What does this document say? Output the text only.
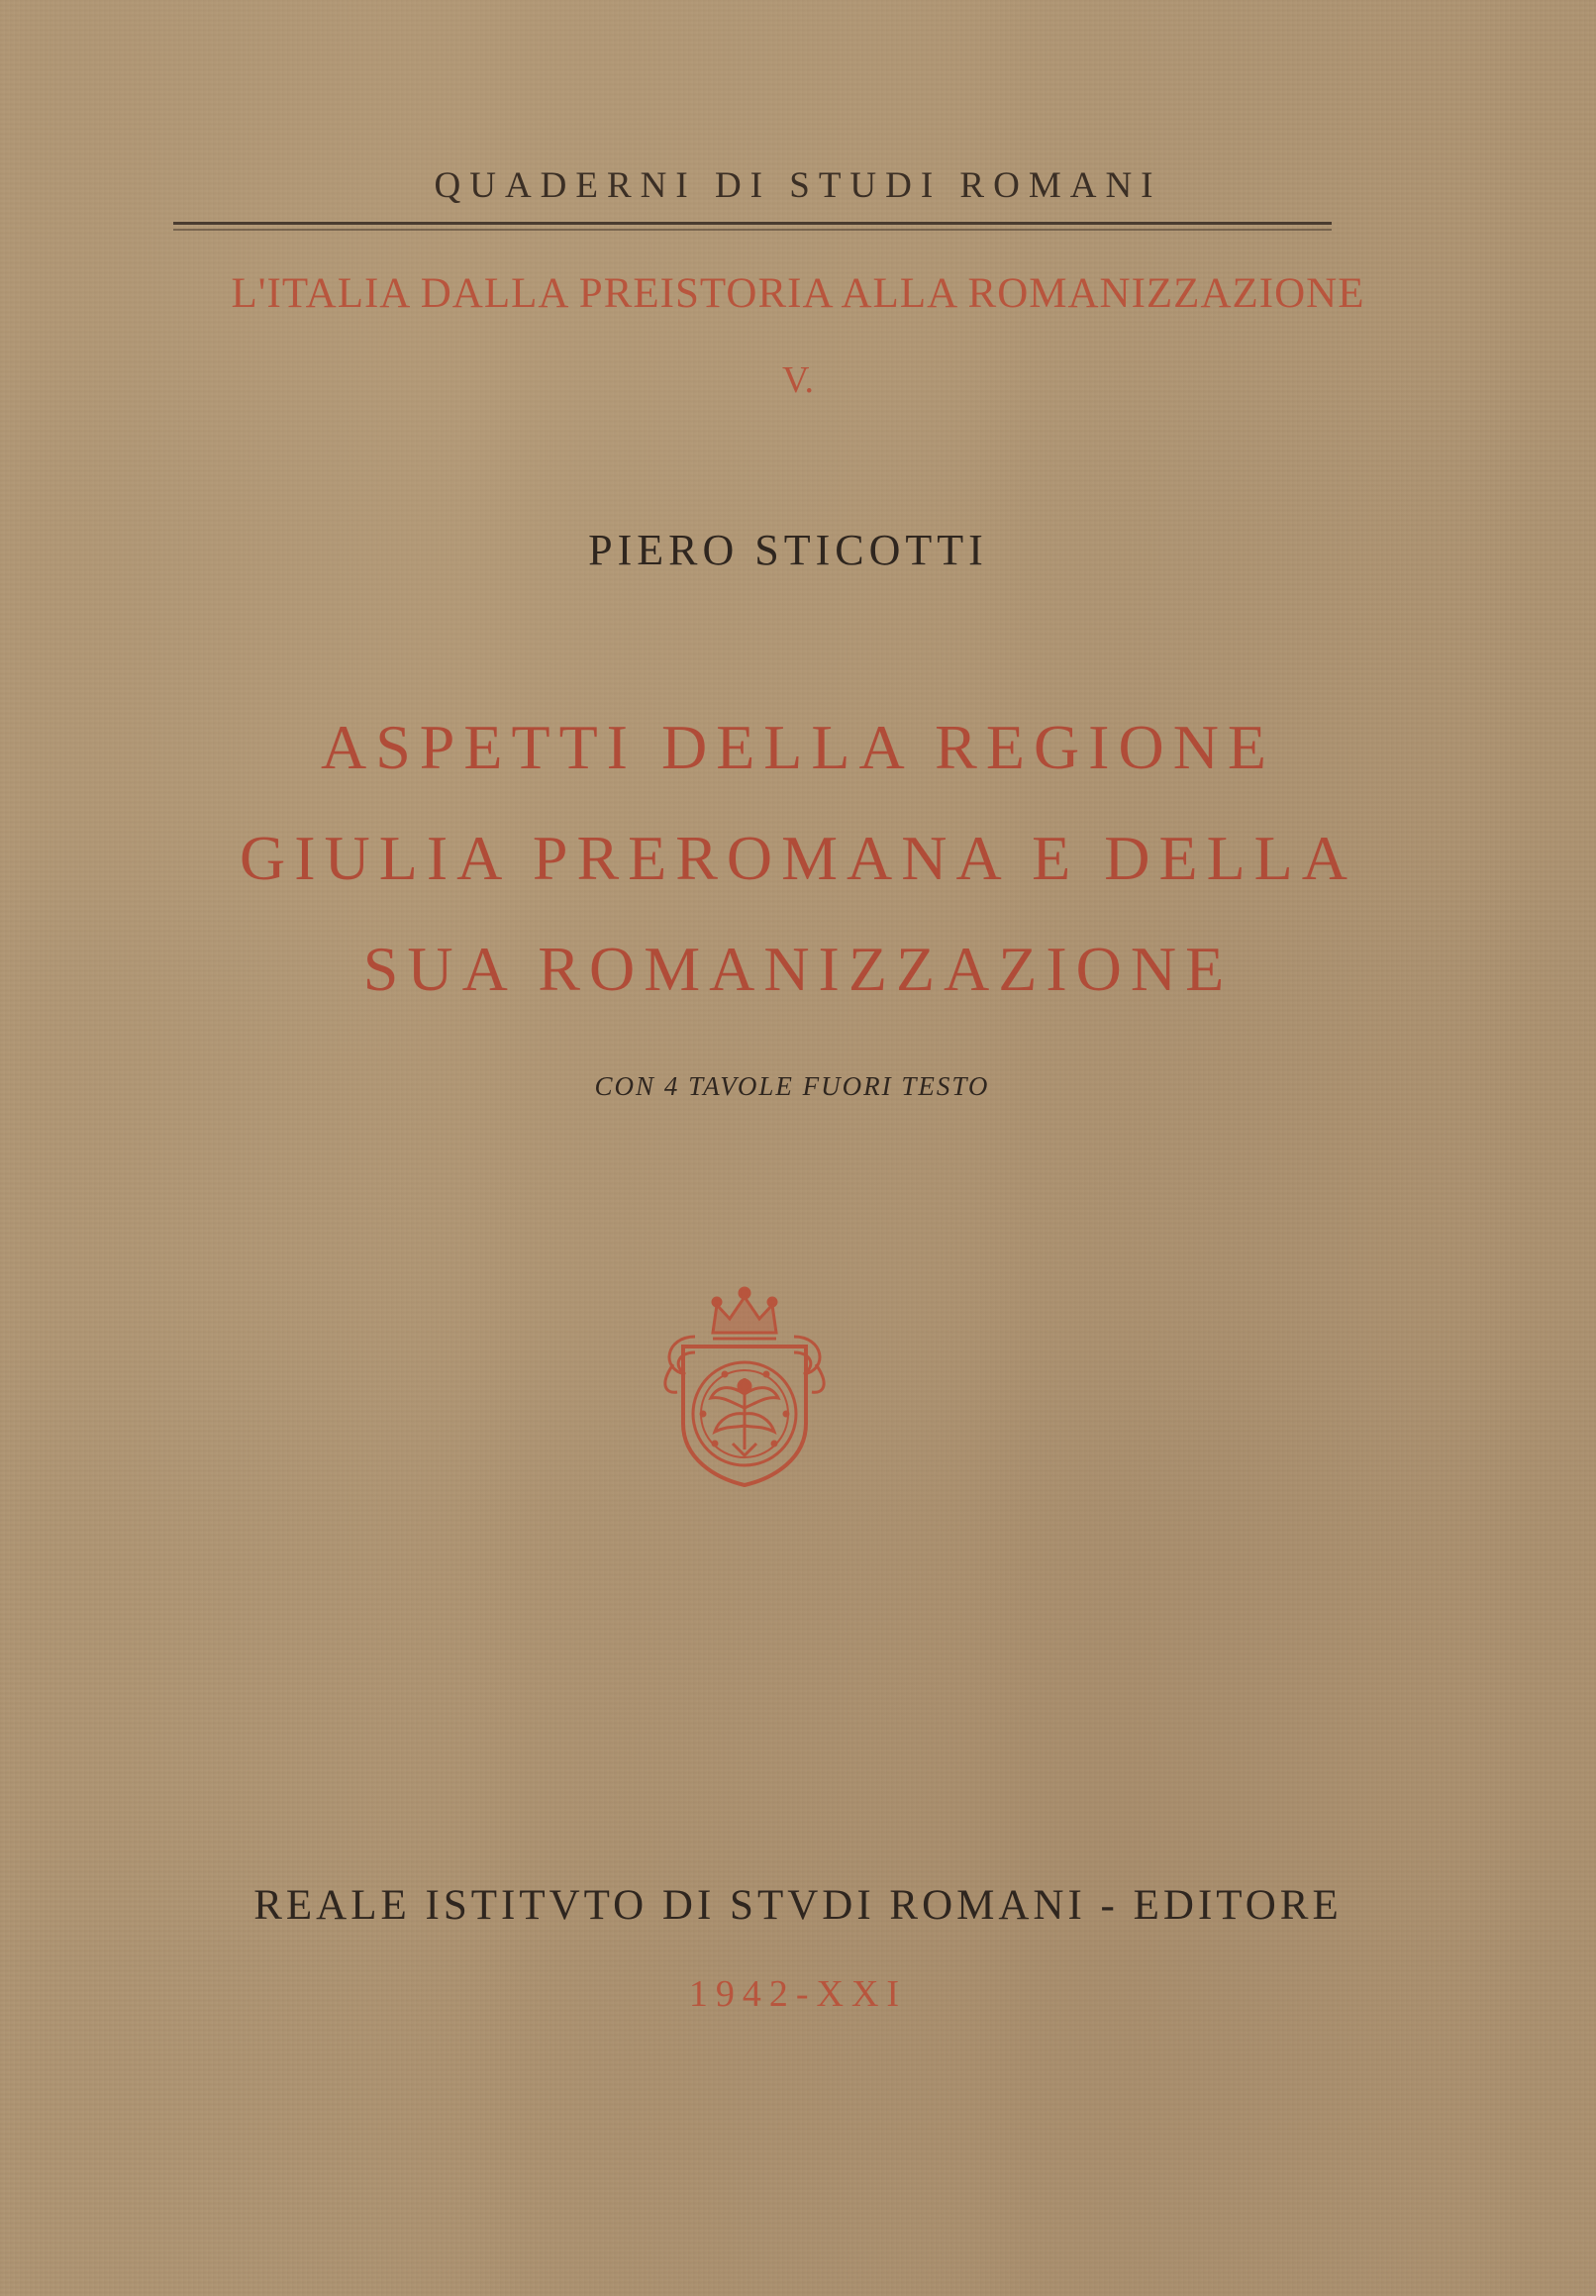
QUADERNI DI STUDI ROMANI
L'ITALIA DALLA PREISTORIA ALLA ROMANIZZAZIONE
V.
PIERO STICOTTI
ASPETTI DELLA REGIONE
GIULIA PREROMANA E DELLA
SUA ROMANIZZAZIONE
CON 4 TAVOLE FUORI TESTO
REALE ISTITVTO DI STVDI ROMANI - EDITORE
1942-XXI
